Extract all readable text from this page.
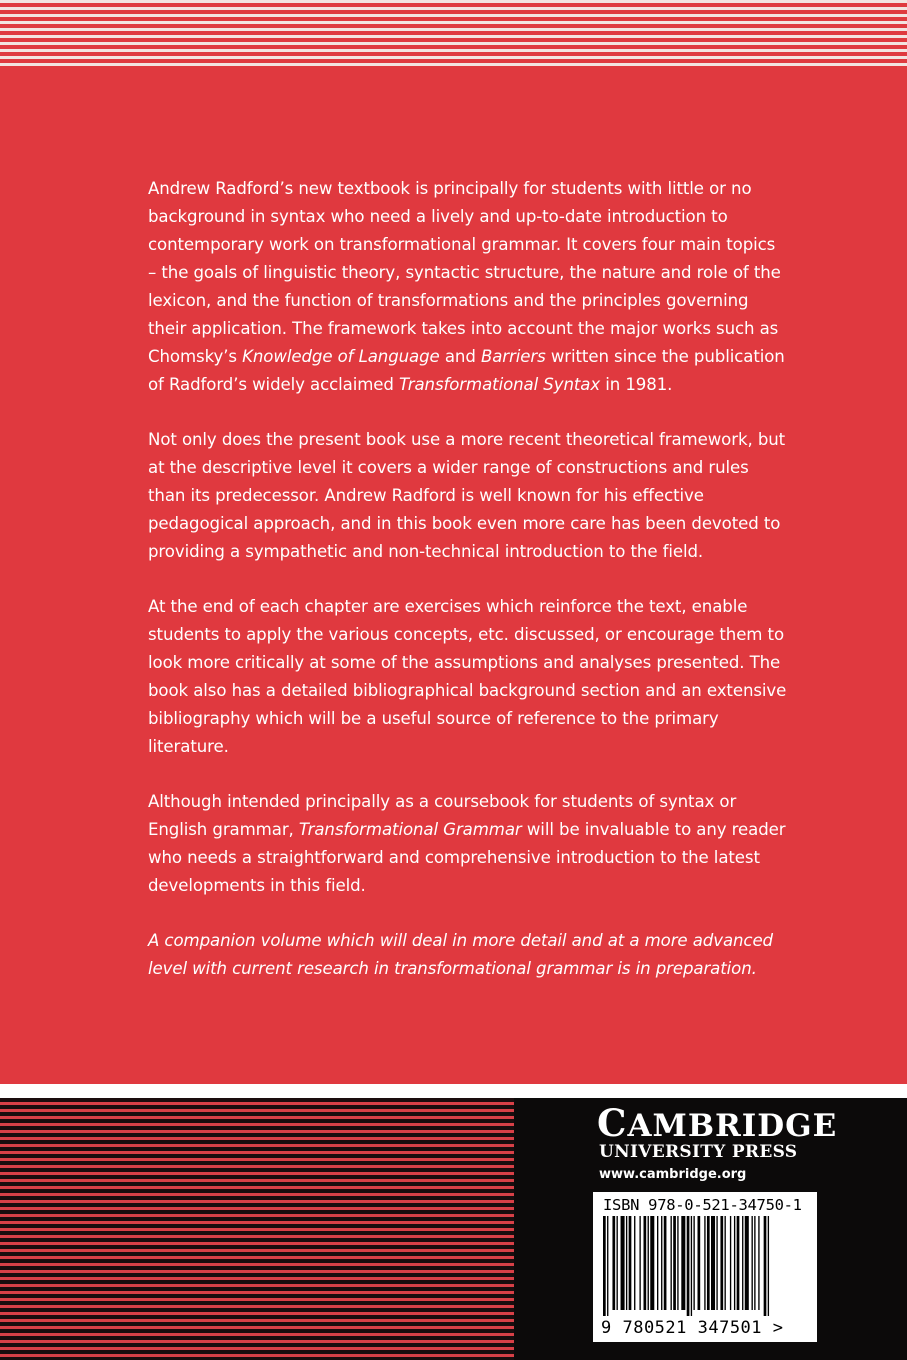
Andrew Radford’s new textbook is principally for students with little or no background in syntax who need a lively and up-to-date introduction to contemporary work on transformational grammar. It covers four main topics – the goals of linguistic theory, syntactic structure, the nature and role of the lexicon, and the function of transformations and the principles governing their application. The framework takes into account the major works such as Chomsky’s Knowledge of Language and Barriers written since the publication of Radford’s widely acclaimed Transformational Syntax in 1981.

Not only does the present book use a more recent theoretical framework, but at the descriptive level it covers a wider range of constructions and rules than its predecessor. Andrew Radford is well known for his effective pedagogical approach, and in this book even more care has been devoted to providing a sympathetic and non-technical introduction to the field.

At the end of each chapter are exercises which reinforce the text, enable students to apply the various concepts, etc. discussed, or encourage them to look more critically at some of the assumptions and analyses presented. The book also has a detailed bibliographical background section and an extensive bibliography which will be a useful source of reference to the primary literature.

Although intended principally as a coursebook for students of syntax or English grammar, Transformational Grammar will be invaluable to any reader who needs a straightforward and comprehensive introduction to the latest developments in this field.

A companion volume which will deal in more detail and at a more advanced level with current research in transformational grammar is in preparation.

CAMBRIDGE
UNIVERSITY PRESS
www.cambridge.org
ISBN 978-0-521-34750-1
9 780521 347501 >
